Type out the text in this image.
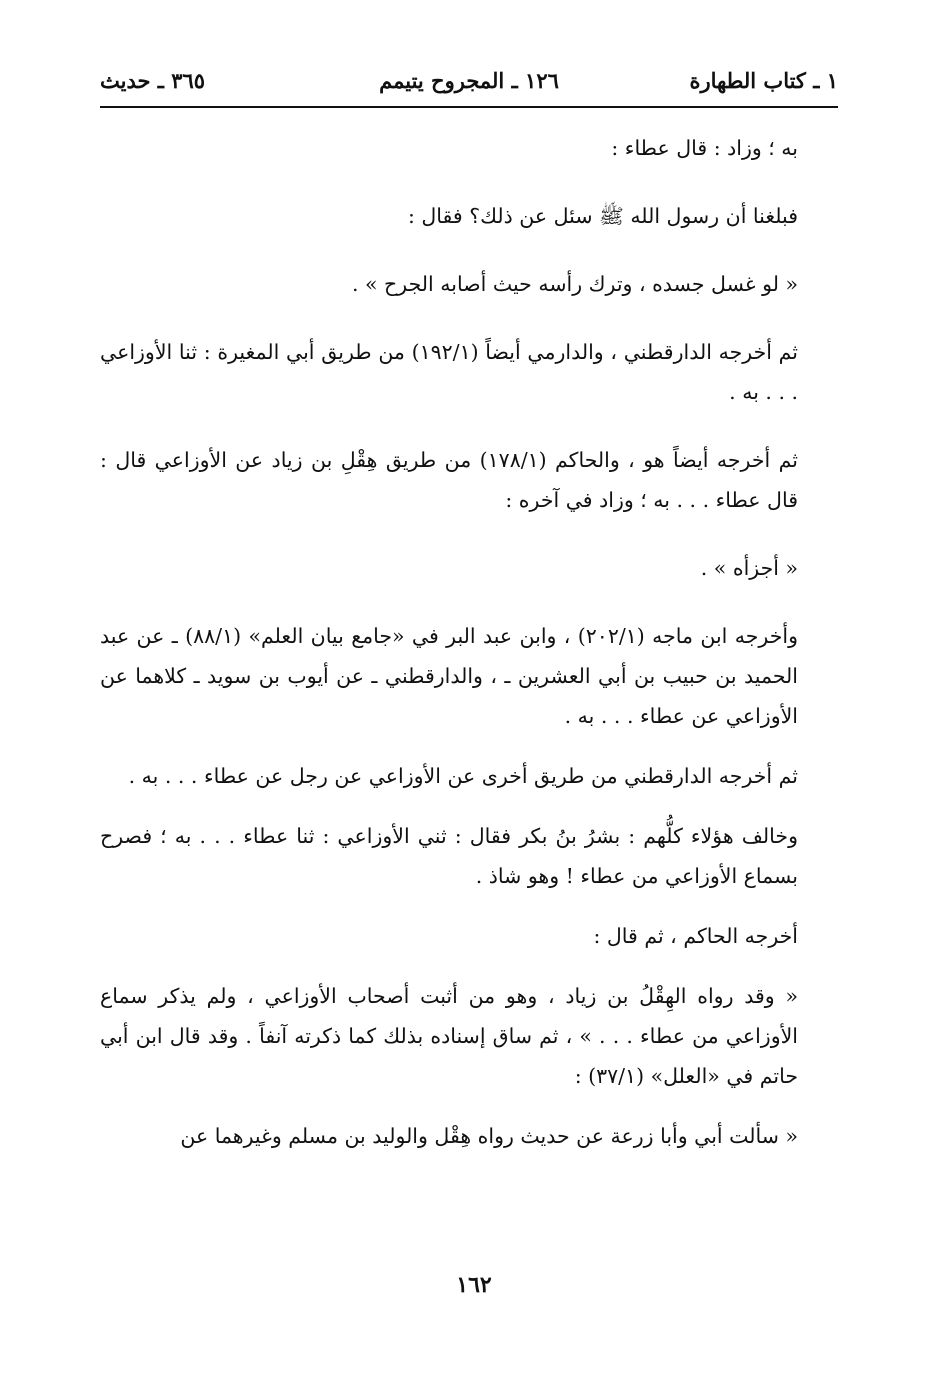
١ ـ كتاب الطهارة
١٢٦ ـ المجروح يتيمم
٣٦٥ ـ حديث

به ؛ وزاد : قال عطاء :

فبلغنا أن رسول الله ﷺ سئل عن ذلك؟ فقال :

« لو غسل جسده ، وترك رأسه حيث أصابه الجرح » .

ثم أخرجه الدارقطني ، والدارمي أيضاً (١٩٢/١) من طريق أبي المغيرة : ثنا الأوزاعي . . . به .

ثم أخرجه أيضاً هو ، والحاكم (١٧٨/١) من طريق هِقْلِ بن زياد عن الأوزاعي قال : قال عطاء . . . به ؛ وزاد في آخره :

« أجزأه » .

وأخرجه ابن ماجه (٢٠٢/١) ، وابن عبد البر في «جامع بيان العلم» (٨٨/١) ـ عن عبد الحميد بن حبيب بن أبي العشرين ـ ، والدارقطني ـ عن أيوب بن سويد ـ كلاهما عن الأوزاعي عن عطاء . . . به .

ثم أخرجه الدارقطني من طريق أخرى عن الأوزاعي عن رجل عن عطاء . . . به .

وخالف هؤلاء كلُّهم : بشرُ بنُ بكر فقال : ثني الأوزاعي : ثنا عطاء . . . به ؛ فصرح بسماع الأوزاعي من عطاء ! وهو شاذ .

أخرجه الحاكم ، ثم قال :

« وقد رواه الهِقْلُ بن زياد ، وهو من أثبت أصحاب الأوزاعي ، ولم يذكر سماع الأوزاعي من عطاء . . . » ، ثم ساق إسناده بذلك كما ذكرته آنفاً . وقد قال ابن أبي حاتم في «العلل» (٣٧/١) :

« سألت أبي وأبا زرعة عن حديث رواه هِقْل والوليد بن مسلم وغيرهما عن

١٦٢
